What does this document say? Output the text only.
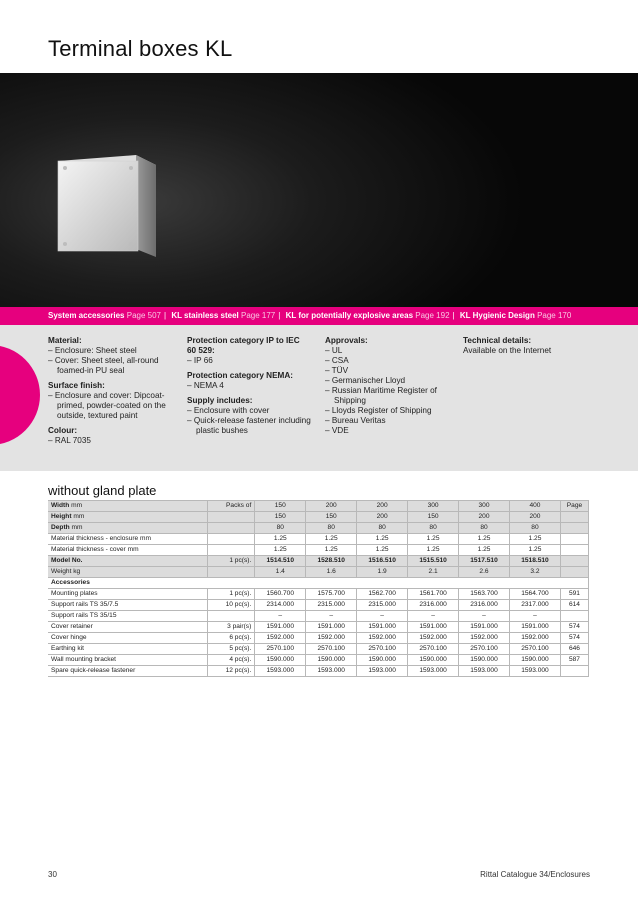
Terminal boxes KL
System accessories Page 507 | KL stainless steel Page 177 | KL for potentially explosive areas Page 192 | KL Hygienic Design Page 170
Material:
– Enclosure: Sheet steel
– Cover: Sheet steel, all-round foamed-in PU seal
Surface finish:
– Enclosure and cover: Dipcoat-primed, powder-coated on the outside, textured paint
Colour:
– RAL 7035
Protection category IP to IEC 60 529:
– IP 66
Protection category NEMA:
– NEMA 4
Supply includes:
– Enclosure with cover
– Quick-release fastener including plastic bushes
Approvals:
– UL
– CSA
– TÜV
– Germanischer Lloyd
– Russian Maritime Register of Shipping
– Lloyds Register of Shipping
– Bureau Veritas
– VDE
Technical details:
Available on the Internet
without gland plate
Width mm	Packs of	150	200	200	300	300	400	Page
Height mm		150	150	200	150	200	200	
Depth mm		80	80	80	80	80	80	
Material thickness - enclosure mm		1.25	1.25	1.25	1.25	1.25	1.25	
Material thickness - cover mm		1.25	1.25	1.25	1.25	1.25	1.25	
Model No.	1 pc(s).	1514.510	1528.510	1516.510	1515.510	1517.510	1518.510	
Weight kg		1.4	1.6	1.9	2.1	2.6	3.2	
Accessories								
Mounting plates	1 pc(s).	1560.700	1575.700	1562.700	1561.700	1563.700	1564.700	591
Support rails TS 35/7.5	10 pc(s).	2314.000	2315.000	2315.000	2316.000	2316.000	2317.000	614
Support rails TS 35/15		–	–	–	–	–	–	
Cover retainer	3 pair(s)	1591.000	1591.000	1591.000	1591.000	1591.000	1591.000	574
Cover hinge	6 pc(s).	1592.000	1592.000	1592.000	1592.000	1592.000	1592.000	574
Earthing kit	5 pc(s).	2570.100	2570.100	2570.100	2570.100	2570.100	2570.100	646
Wall mounting bracket	4 pc(s).	1590.000	1590.000	1590.000	1590.000	1590.000	1590.000	587
Spare quick-release fastener	12 pc(s).	1593.000	1593.000	1593.000	1593.000	1593.000	1593.000	
30	Rittal Catalogue 34/Enclosures
